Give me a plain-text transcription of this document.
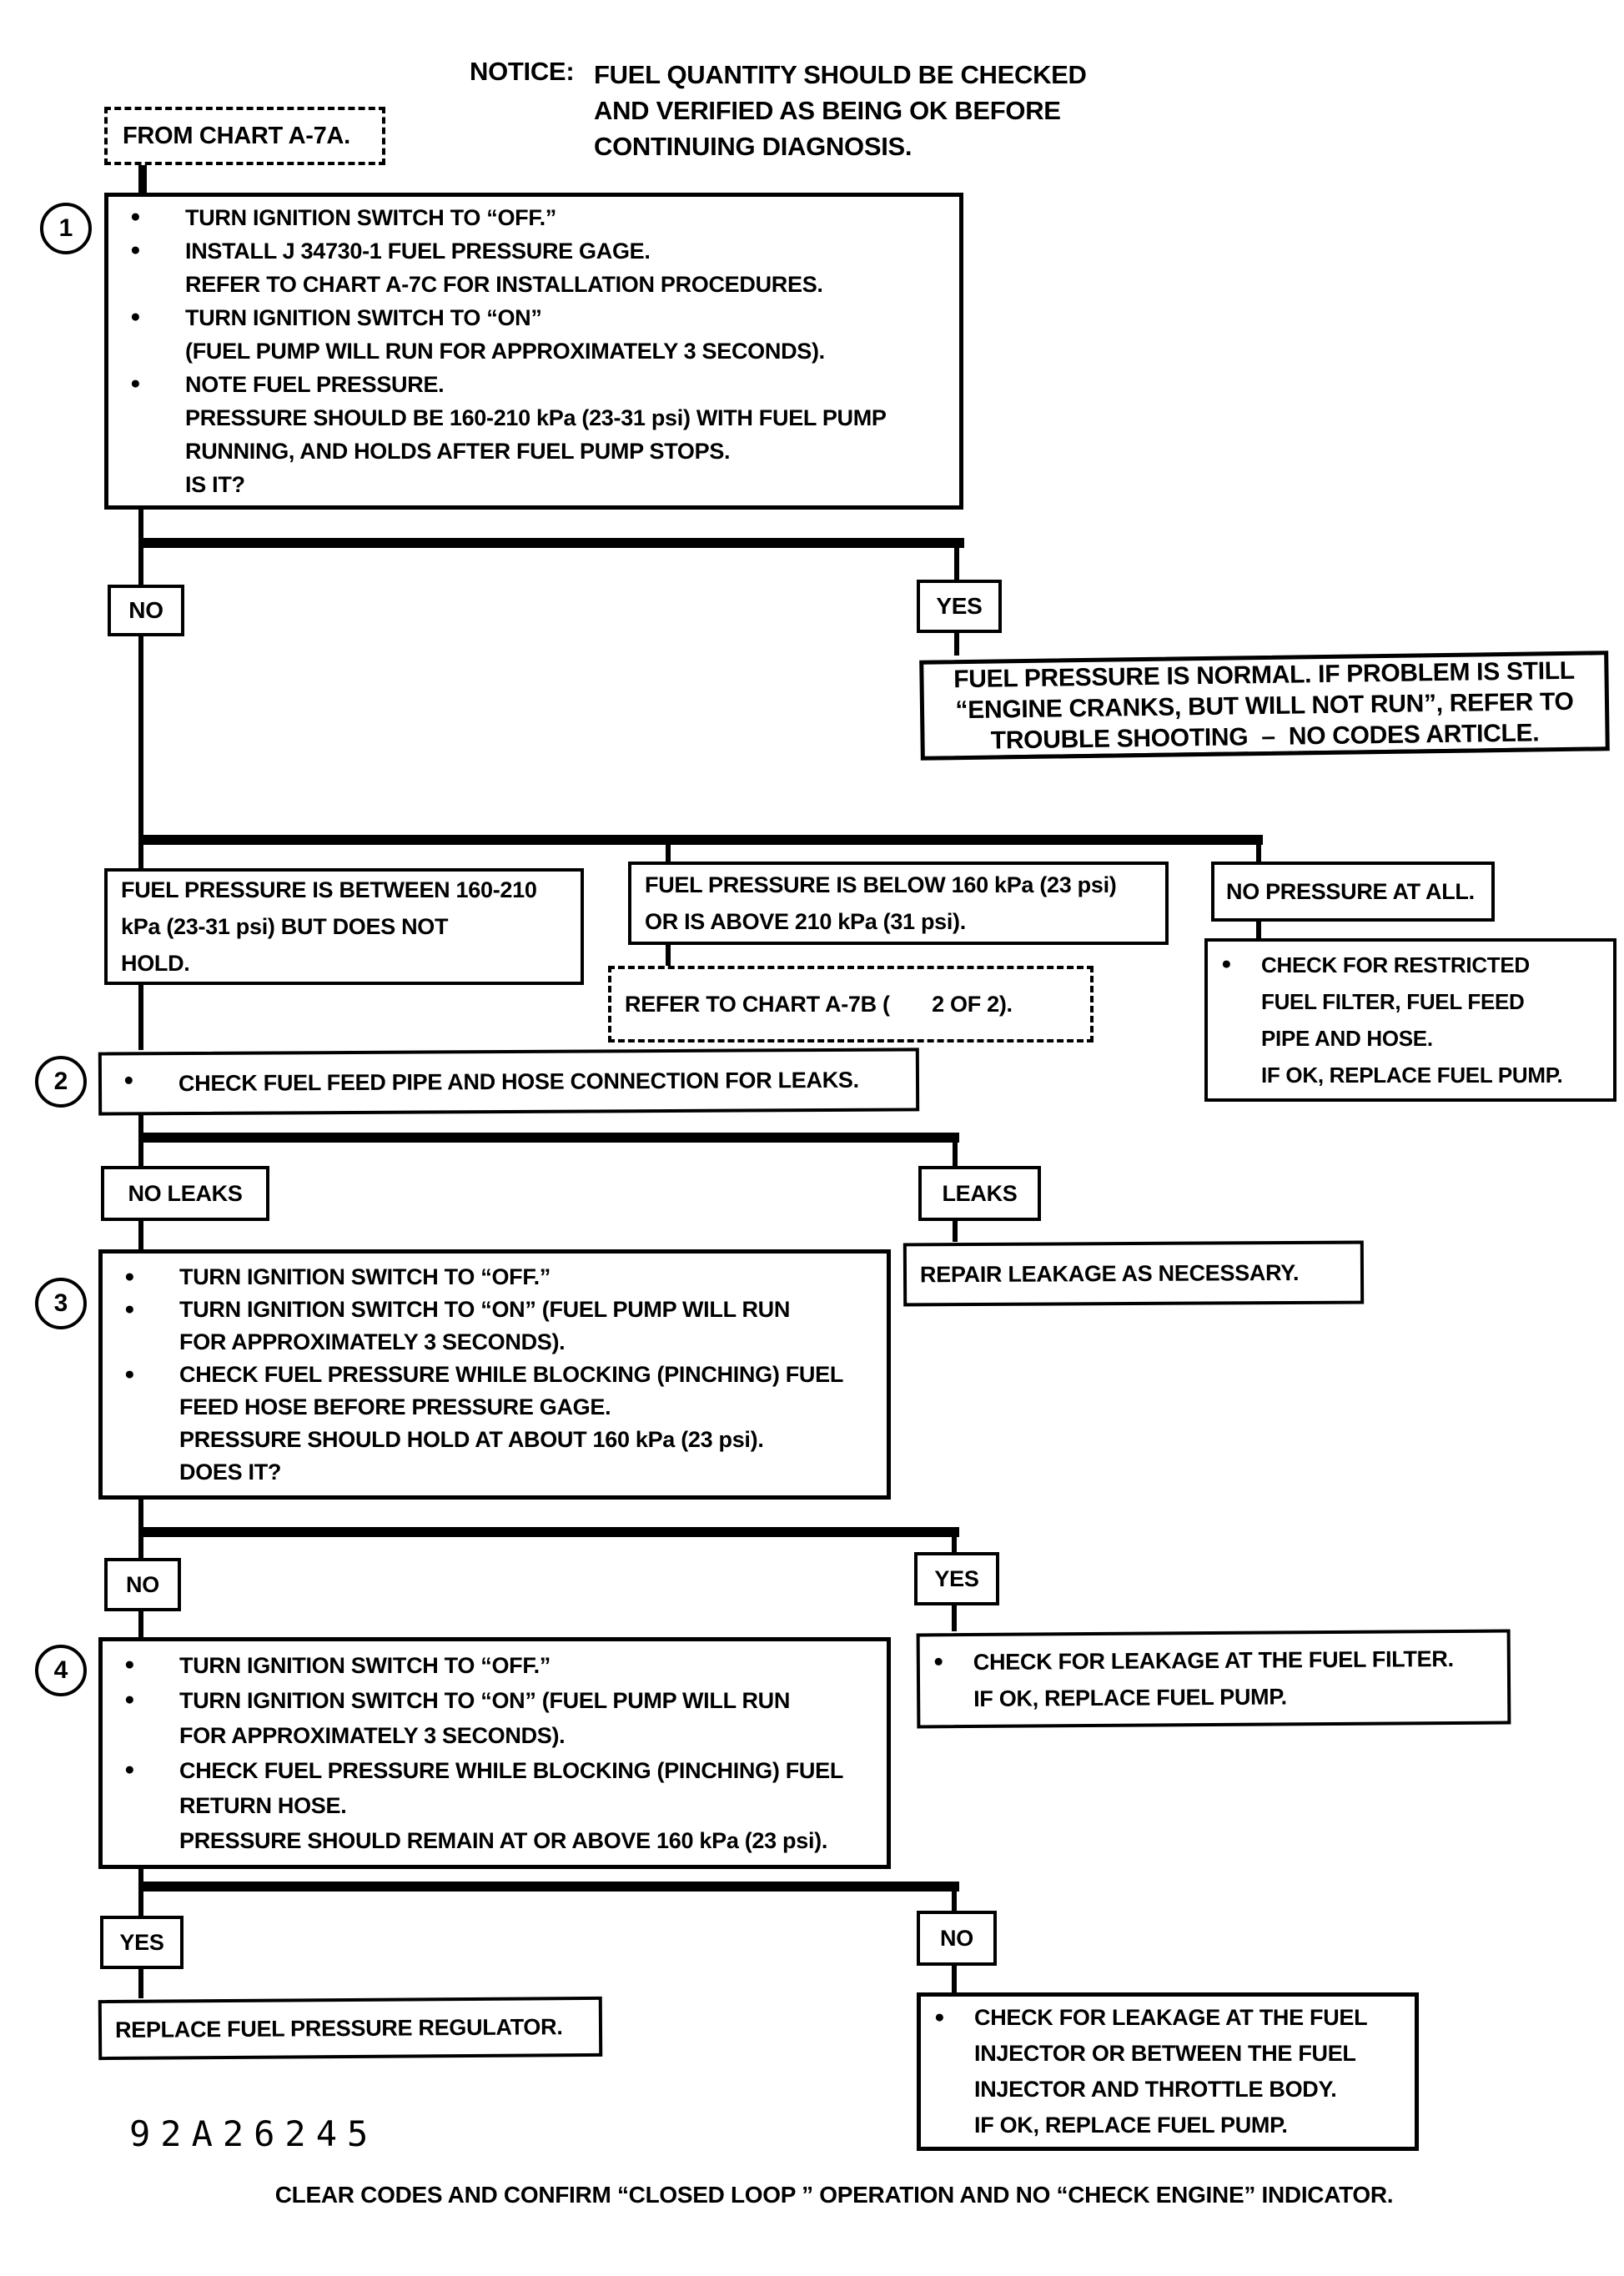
NOTICE: FUEL QUANTITY SHOULD BE CHECKED
AND VERIFIED AS BEING OK BEFORE
CONTINUING DIAGNOSIS.
FROM CHART A-7A.
1	● TURN IGNITION SWITCH TO “OFF.”
● INSTALL J 34730-1 FUEL PRESSURE GAGE.
REFER TO CHART A-7C FOR INSTALLATION PROCEDURES.
● TURN IGNITION SWITCH TO “ON”
(FUEL PUMP WILL RUN FOR APPROXIMATELY 3 SECONDS).
● NOTE FUEL PRESSURE.
PRESSURE SHOULD BE 160-210 kPa (23-31 psi) WITH FUEL PUMP
RUNNING, AND HOLDS AFTER FUEL PUMP STOPS.
IS IT?
NO	YES
FUEL PRESSURE IS NORMAL. IF PROBLEM IS STILL
“ENGINE CRANKS, BUT WILL NOT RUN”, REFER TO
TROUBLE SHOOTING  –  NO CODES ARTICLE.
FUEL PRESSURE IS BETWEEN 160-210
kPa (23-31 psi) BUT DOES NOT
HOLD.
FUEL PRESSURE IS BELOW 160 kPa (23 psi)
OR IS ABOVE 210 kPa (31 psi).
NO PRESSURE AT ALL.
REFER TO CHART A-7B (       2 OF 2).
● CHECK FOR RESTRICTED
FUEL FILTER, FUEL FEED
PIPE AND HOSE.
IF OK, REPLACE FUEL PUMP.
2	● CHECK FUEL FEED PIPE AND HOSE CONNECTION FOR LEAKS.
NO LEAKS	LEAKS
REPAIR LEAKAGE AS NECESSARY.
3
● TURN IGNITION SWITCH TO “OFF.”
● TURN IGNITION SWITCH TO “ON” (FUEL PUMP WILL RUN
FOR APPROXIMATELY 3 SECONDS).
● CHECK FUEL PRESSURE WHILE BLOCKING (PINCHING) FUEL
FEED HOSE BEFORE PRESSURE GAGE.
PRESSURE SHOULD HOLD AT ABOUT 160 kPa (23 psi).
DOES IT?
NO	YES
● CHECK FOR LEAKAGE AT THE FUEL FILTER.
IF OK, REPLACE FUEL PUMP.
4	● TURN IGNITION SWITCH TO “OFF.”
● TURN IGNITION SWITCH TO “ON” (FUEL PUMP WILL RUN
FOR APPROXIMATELY 3 SECONDS).
● CHECK FUEL PRESSURE WHILE BLOCKING (PINCHING) FUEL
RETURN HOSE.
PRESSURE SHOULD REMAIN AT OR ABOVE 160 kPa (23 psi).
YES	NO
REPLACE FUEL PRESSURE REGULATOR.	● CHECK FOR LEAKAGE AT THE FUEL
INJECTOR OR BETWEEN THE FUEL
INJECTOR AND THROTTLE BODY.
IF OK, REPLACE FUEL PUMP.
92A26245
CLEAR CODES AND CONFIRM “CLOSED LOOP ” OPERATION AND NO “CHECK ENGINE” INDICATOR.
